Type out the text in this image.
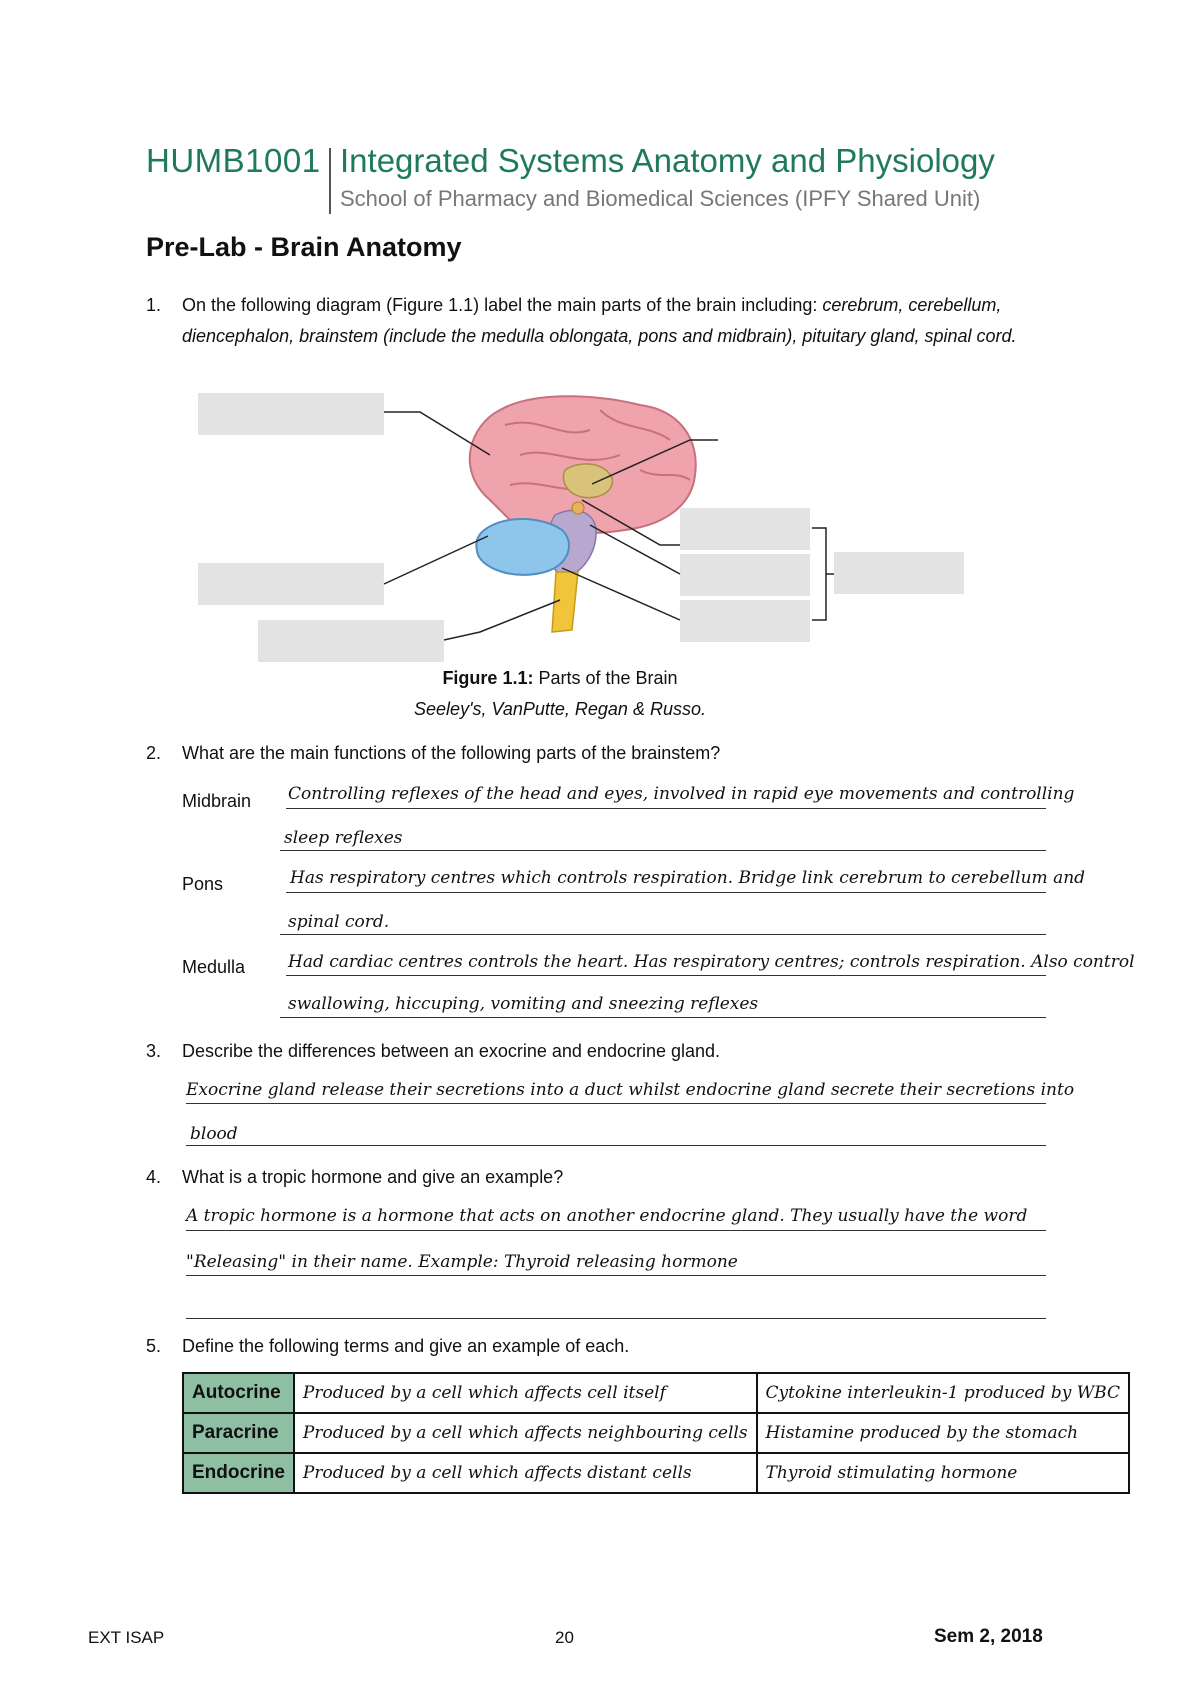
HUMB1001 Integrated Systems Anatomy and Physiology
School of Pharmacy and Biomedical Sciences (IPFY Shared Unit)
Pre-Lab - Brain Anatomy
1. On the following diagram (Figure 1.1) label the main parts of the brain including: cerebrum, cerebellum, diencephalon, brainstem (include the medulla oblongata, pons and midbrain), pituitary gland, spinal cord.
Figure 1.1: Parts of the Brain
Seeley's, VanPutte, Regan & Russo.
2. What are the main functions of the following parts of the brainstem?
Midbrain Controlling reflexes of the head and eyes, involved in rapid eye movements and controlling
sleep reflexes
Pons	Has respiratory centres which controls respiration. Bridge link cerebrum to cerebellum and
spinal cord.
Medulla	Had cardiac centres controls the heart. Has respiratory centres; controls respiration. Also control
swallowing, hiccuping, vomiting and sneezing reflexes
3. Describe the differences between an exocrine and endocrine gland.
Exocrine gland release their secretions into a duct whilst endocrine gland secrete their secretions into
blood
4. What is a tropic hormone and give an example?
A tropic hormone is a hormone that acts on another endocrine gland. They usually have the word
"Releasing" in their name. Example: Thyroid releasing hormone
5. Define the following terms and give an example of each.
Autocrine	Produced by a cell which affects cell itself	Cytokine interleukin-1 produced by WBC
Paracrine	Produced by a cell which affects neighbouring cells	Histamine produced by the stomach
Endocrine	Produced by a cell which affects distant cells	Thyroid stimulating hormone
EXT ISAP	20	Sem 2, 2018
